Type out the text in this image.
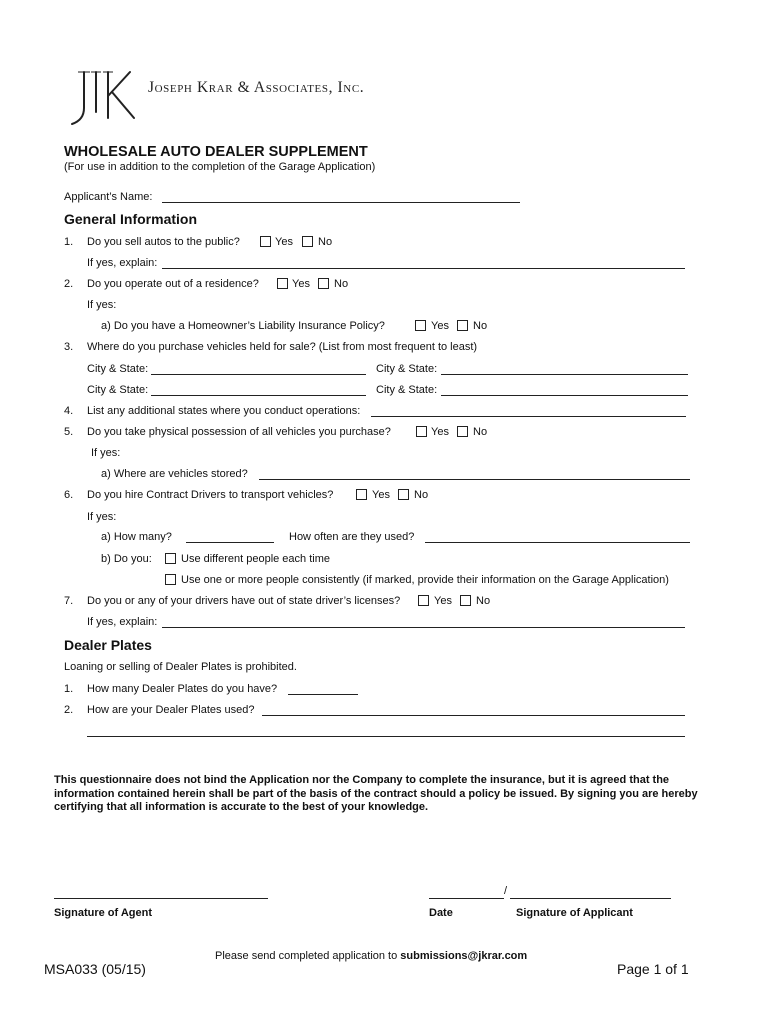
Joseph Krar & Associates, Inc.
WHOLESALE AUTO DEALER SUPPLEMENT
(For use in addition to the completion of the Garage Application)
Applicant’s Name:
General Information
1. Do you sell autos to the public?	Yes No
If yes, explain:
2. Do you operate out of a residence?	Yes No
If yes:
a) Do you have a Homeowner’s Liability Insurance Policy?	Yes No
3. Where do you purchase vehicles held for sale? (List from most frequent to least)
City & State:	City & State:
City & State:	City & State:
4. List any additional states where you conduct operations:
5. Do you take physical possession of all vehicles you purchase?	Yes No
If yes:
a) Where are vehicles stored?
6. Do you hire Contract Drivers to transport vehicles?	Yes No
If yes:
a) How many?	How often are they used?
b) Do you:	Use different people each time
Use one or more people consistently (if marked, provide their information on the Garage Application)
7. Do you or any of your drivers have out of state driver’s licenses?	Yes No
If yes, explain:
Dealer Plates
Loaning or selling of Dealer Plates is prohibited.
1. How many Dealer Plates do you have?
2. How are your Dealer Plates used?
This questionnaire does not bind the Application nor the Company to complete the insurance, but it is agreed that the information contained herein shall be part of the basis of the contract should a policy be issued. By signing you are hereby certifying that all information is accurate to the best of your knowledge.
/
Signature of Agent	Date	Signature of Applicant
Please send completed application to submissions@jkrar.com
MSA033 (05/15)	Page 1 of 1
